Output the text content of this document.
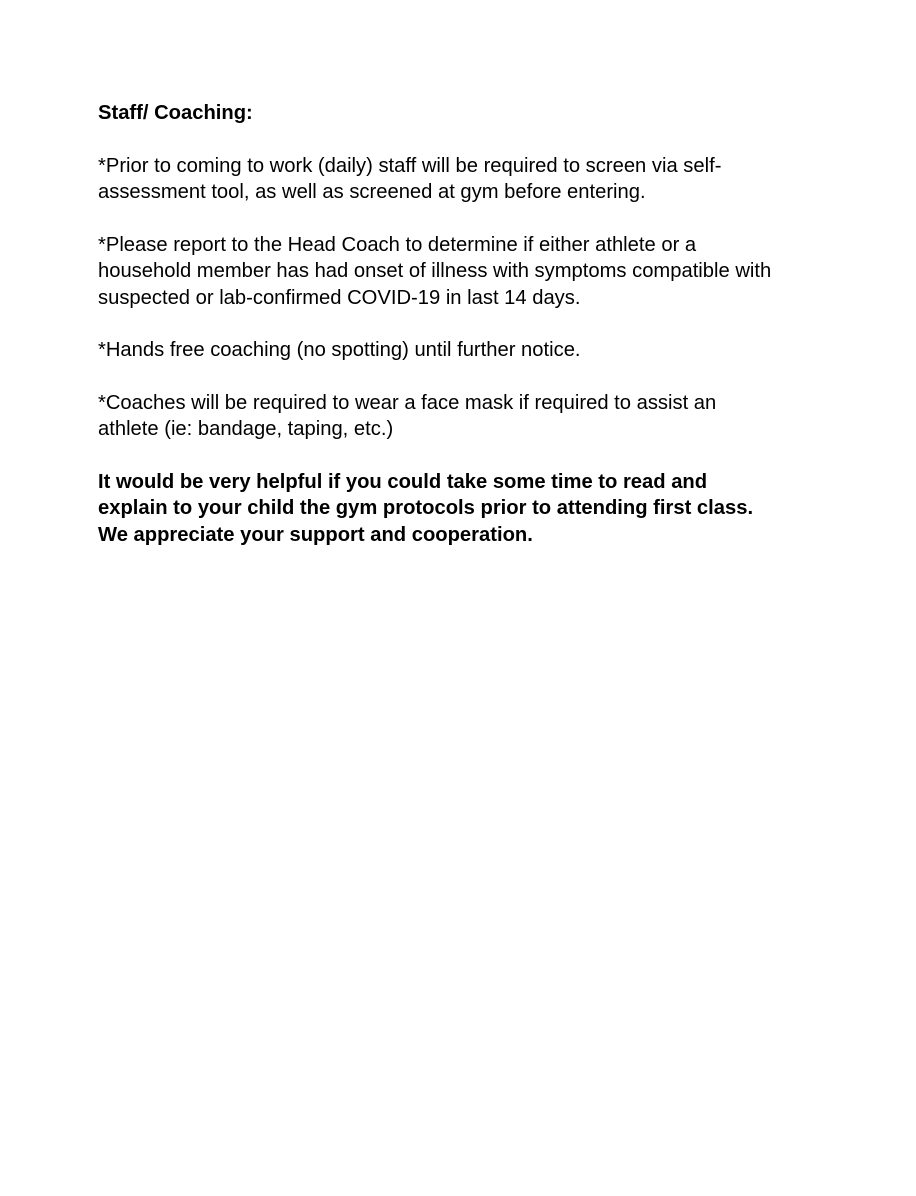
Staff/ Coaching:

*Prior to coming to work (daily) staff will be required to screen via self-
assessment tool, as well as screened at gym before entering.

*Please report to the Head Coach to determine if either athlete or a
household member has had onset of illness with symptoms compatible with
suspected or lab-confirmed COVID-19 in last 14 days.

*Hands free coaching (no spotting) until further notice.

*Coaches will be required to wear a face mask if required to assist an
athlete (ie: bandage, taping, etc.)

It would be very helpful if you could take some time to read and
explain to your child the gym protocols prior to attending first class.
We appreciate your support and cooperation.
